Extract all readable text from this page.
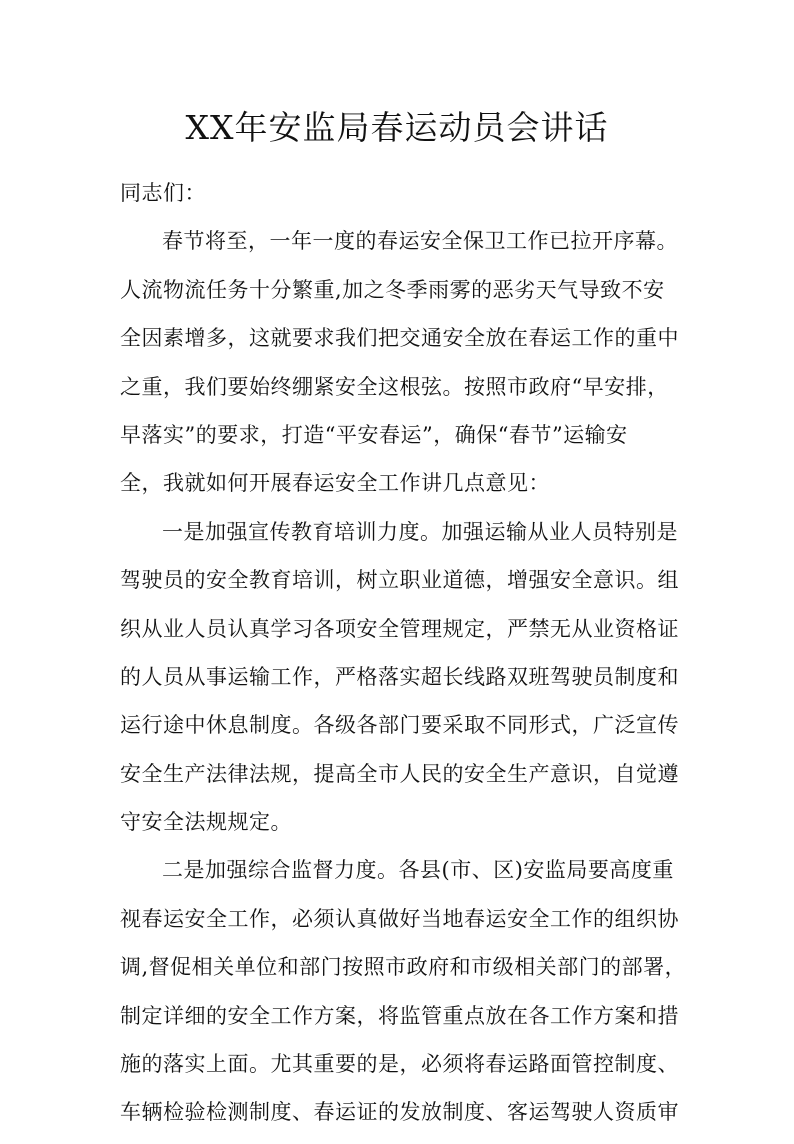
XX年安监局春运动员会讲话
同志们：
春节将至，一年一度的春运安全保卫工作已拉开序幕。
人流物流任务十分繁重,加之冬季雨雾的恶劣天气导致不安
全因素增多，这就要求我们把交通安全放在春运工作的重中
之重，我们要始终绷紧安全这根弦。按照市政府“早安排，
早落实”的要求，打造“平安春运”，确保“春节”运输安
全，我就如何开展春运安全工作讲几点意见：
一是加强宣传教育培训力度。加强运输从业人员特别是
驾驶员的安全教育培训，树立职业道德，增强安全意识。组
织从业人员认真学习各项安全管理规定，严禁无从业资格证
的人员从事运输工作，严格落实超长线路双班驾驶员制度和
运行途中休息制度。各级各部门要采取不同形式，广泛宣传
安全生产法律法规，提高全市人民的安全生产意识，自觉遵
守安全法规规定。
二是加强综合监督力度。各县(市、区)安监局要高度重
视春运安全工作，必须认真做好当地春运安全工作的组织协
调,督促相关单位和部门按照市政府和市级相关部门的部署，
制定详细的安全工作方案，将监管重点放在各工作方案和措
施的落实上面。尤其重要的是，必须将春运路面管控制度、
车辆检验检测制度、春运证的发放制度、客运驾驶人资质审
